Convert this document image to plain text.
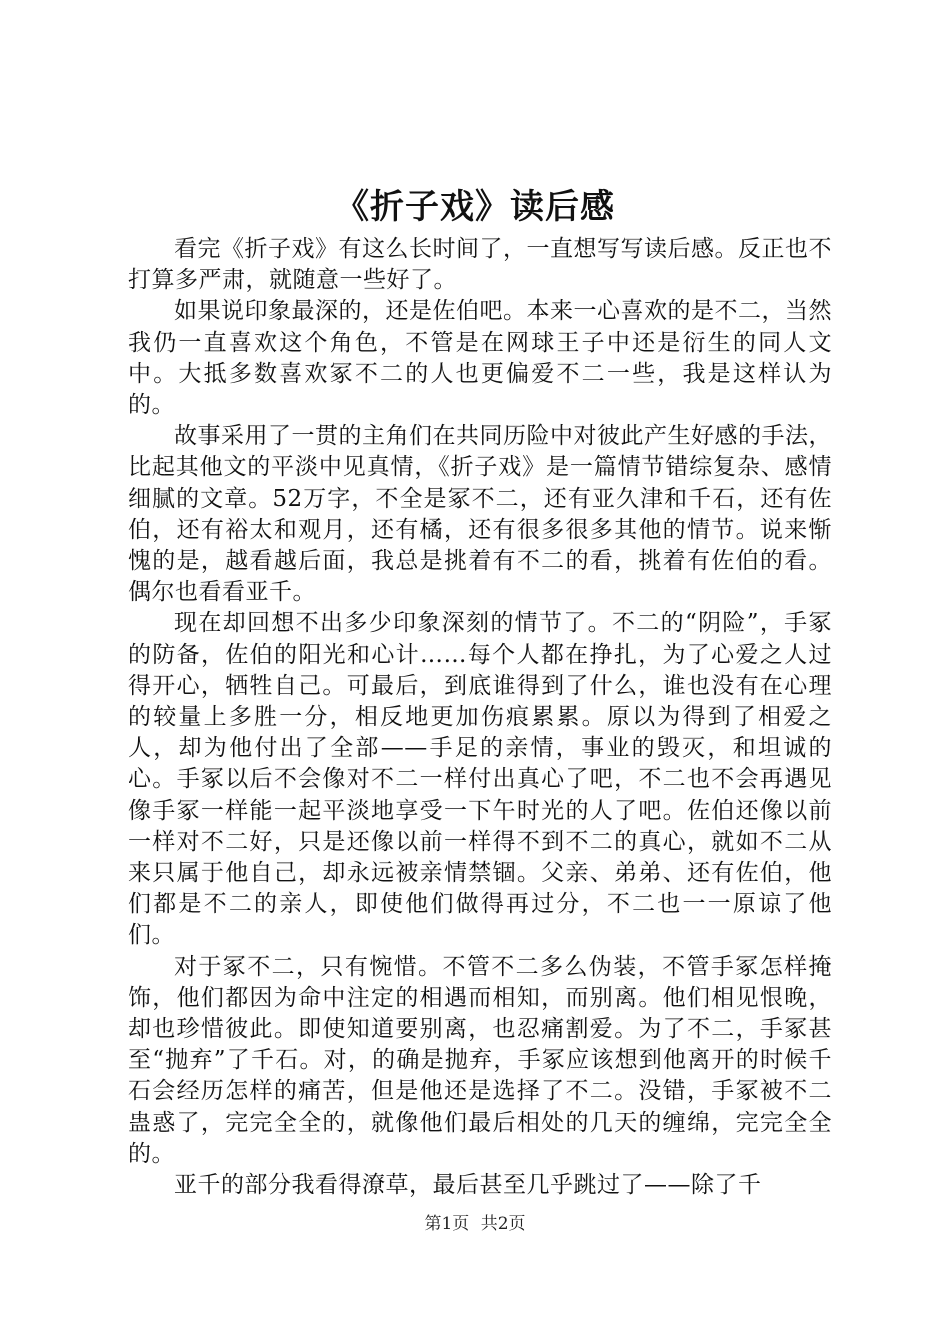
《折子戏》读后感

看完《折子戏》有这么长时间了，一直想写写读后感。反正也不打算多严肃，就随意一些好了。

如果说印象最深的，还是佐伯吧。本来一心喜欢的是不二，当然我仍一直喜欢这个角色，不管是在网球王子中还是衍生的同人文中。大抵多数喜欢冢不二的人也更偏爱不二一些，我是这样认为的。

故事采用了一贯的主角们在共同历险中对彼此产生好感的手法，比起其他文的平淡中见真情，《折子戏》是一篇情节错综复杂、感情细腻的文章。52万字，不全是冢不二，还有亚久津和千石，还有佐伯，还有裕太和观月，还有橘，还有很多很多其他的情节。说来惭愧的是，越看越后面，我总是挑着有不二的看，挑着有佐伯的看。偶尔也看看亚千。

现在却回想不出多少印象深刻的情节了。不二的“阴险”，手冢的防备，佐伯的阳光和心计……每个人都在挣扎，为了心爱之人过得开心，牺牲自己。可最后，到底谁得到了什么，谁也没有在心理的较量上多胜一分，相反地更加伤痕累累。原以为得到了相爱之人，却为他付出了全部——手足的亲情，事业的毁灭，和坦诚的心。手冢以后不会像对不二一样付出真心了吧，不二也不会再遇见像手冢一样能一起平淡地享受一下午时光的人了吧。佐伯还像以前一样对不二好，只是还像以前一样得不到不二的真心，就如不二从来只属于他自己，却永远被亲情禁锢。父亲、弟弟、还有佐伯，他们都是不二的亲人，即使他们做得再过分，不二也一一原谅了他们。

对于冢不二，只有惋惜。不管不二多么伪装，不管手冢怎样掩饰，他们都因为命中注定的相遇而相知，而别离。他们相见恨晚，却也珍惜彼此。即使知道要别离，也忍痛割爱。为了不二，手冢甚至“抛弃”了千石。对，的确是抛弃，手冢应该想到他离开的时候千石会经历怎样的痛苦，但是他还是选择了不二。没错，手冢被不二蛊惑了，完完全全的，就像他们最后相处的几天的缠绵，完完全全的。

亚千的部分我看得潦草，最后甚至几乎跳过了——除了千

第1页 共2页
